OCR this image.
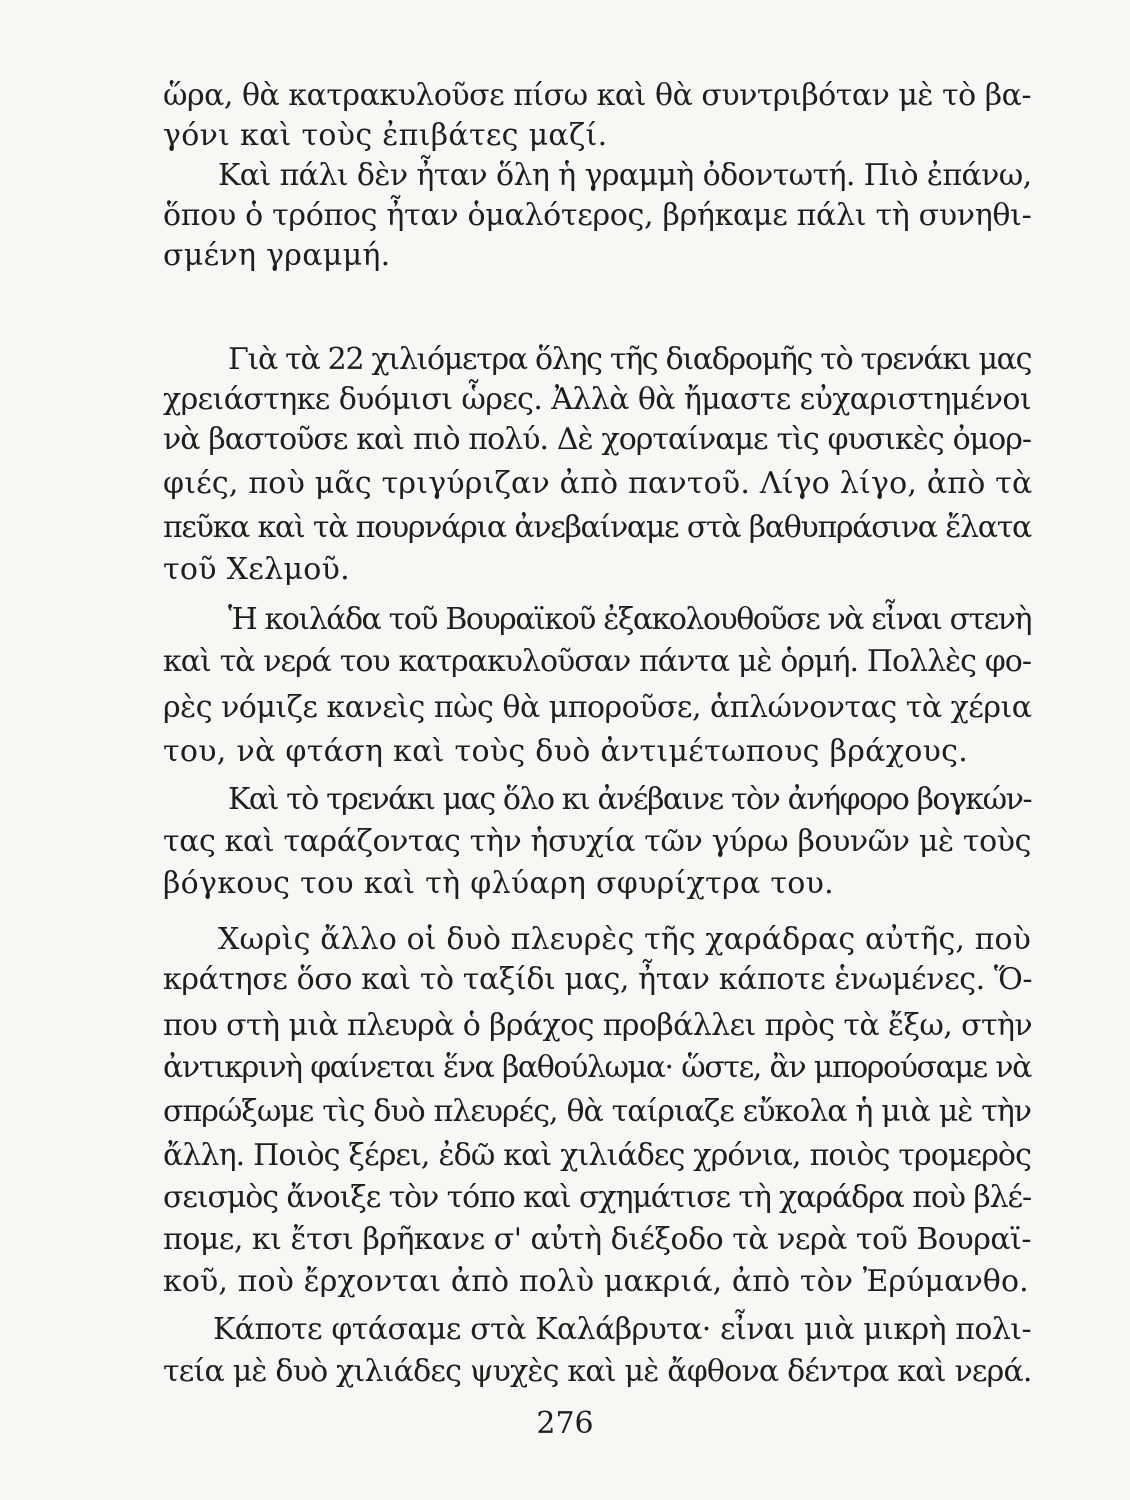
ὥρα, θὰ κατρακυλοῦσε πίσω καὶ θὰ συντριβόταν μὲ τὸ βα-
γόνι καὶ τοὺς ἐπιβάτες μαζί.
Καὶ πάλι δὲν ἦταν ὅλη ἡ γραμμὴ ὀδοντωτή. Πιὸ ἐπάνω,
ὅπου ὁ τρόπος ἦταν ὁμαλότερος, βρήκαμε πάλι τὴ συνηθι-
σμένη γραμμή.
Γιὰ τὰ 22 χιλιόμετρα ὅλης τῆς διαδρομῆς τὸ τρενάκι μας
χρειάστηκε δυόμισι ὧρες. Ἀλλὰ θὰ ἤμαστε εὐχαριστημένοι
νὰ βαστοῦσε καὶ πιὸ πολύ. Δὲ χορταίναμε τὶς φυσικὲς ὀμορ-
φιές, ποὺ μᾶς τριγύριζαν ἀπὸ παντοῦ. Λίγο λίγο, ἀπὸ τὰ
πεῦκα καὶ τὰ πουρνάρια ἀνεβαίναμε στὰ βαθυπράσινα ἔλατα
τοῦ Χελμοῦ.
Ἡ κοιλάδα τοῦ Βουραϊκοῦ ἐξακολουθοῦσε νὰ εἶναι στενὴ
καὶ τὰ νερά του κατρακυλοῦσαν πάντα μὲ ὁρμή. Πολλὲς φο-
ρὲς νόμιζε κανεὶς πὼς θὰ μποροῦσε, ἁπλώνοντας τὰ χέρια
του, νὰ φτάση καὶ τοὺς δυὸ ἀντιμέτωπους βράχους.
Καὶ τὸ τρενάκι μας ὅλο κι ἀνέβαινε τὸν ἀνήφορο βογκών-
τας καὶ ταράζοντας τὴν ἡσυχία τῶν γύρω βουνῶν μὲ τοὺς
βόγκους του καὶ τὴ φλύαρη σφυρίχτρα του.
Χωρὶς ἄλλο οἱ δυὸ πλευρὲς τῆς χαράδρας αὐτῆς, ποὺ
κράτησε ὅσο καὶ τὸ ταξίδι μας, ἦταν κάποτε ἑνωμένες. Ὅ-
που στὴ μιὰ πλευρὰ ὁ βράχος προβάλλει πρὸς τὰ ἔξω, στὴν
ἀντικρινὴ φαίνεται ἕνα βαθούλωμα· ὥστε, ἂν μπορούσαμε νὰ
σπρώξωμε τὶς δυὸ πλευρές, θὰ ταίριαζε εὔκολα ἡ μιὰ μὲ τὴν
ἄλλη. Ποιὸς ξέρει, ἐδῶ καὶ χιλιάδες χρόνια, ποιὸς τρομερὸς
σεισμὸς ἄνοιξε τὸν τόπο καὶ σχημάτισε τὴ χαράδρα ποὺ βλέ-
πομε, κι ἔτσι βρῆκανε σ' αὐτὴ διέξοδο τὰ νερὰ τοῦ Βουραϊ-
κοῦ, ποὺ ἔρχονται ἀπὸ πολὺ μακριά, ἀπὸ τὸν Ἐρύμανθο.
Κάποτε φτάσαμε στὰ Καλάβρυτα· εἶναι μιὰ μικρὴ πολι-
τεία μὲ δυὸ χιλιάδες ψυχὲς καὶ μὲ ἄφθονα δέντρα καὶ νερά.
276
